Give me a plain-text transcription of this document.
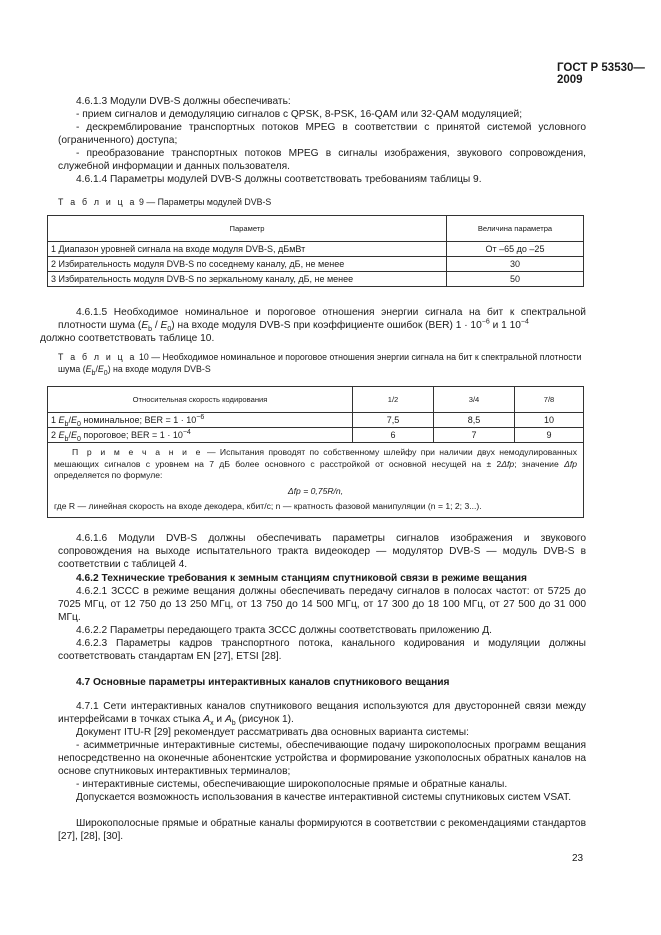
ГОСТ Р 53530—2009
4.6.1.3 Модули DVB-S должны обеспечивать:
- прием сигналов и демодуляцию сигналов с QPSK, 8-PSK, 16-QAM или 32-QAM модуляцией;
- дескремблирование транспортных потоков MPEG в соответствии с принятой системой условного (ограниченного) доступа;
- преобразование транспортных потоков MPEG в сигналы изображения, звукового сопровождения, служебной информации и данных пользователя.
4.6.1.4 Параметры модулей DVB-S должны соответствовать требованиям таблицы 9.
Т а б л и ц а 9 — Параметры модулей DVB-S
Параметр	Величина параметра
1 Диапазон уровней сигнала на входе модуля DVB-S, дБмВт	От –65 до –25
2 Избирательность модуля DVB-S по соседнему каналу, дБ, не менее	30
3 Избирательность модуля DVB-S по зеркальному каналу, дБ, не менее	50
4.6.1.5 Необходимое номинальное и пороговое отношения энергии сигнала на бит к спектральной плотности шума $(E_b / E_0)$ на входе модуля DVB-S при коэффициенте ошибок (BER) $1 \cdot 10^{-6}$ и 1 $10^{-4}$
должно соответствовать таблице 10.
Т а б л и ц а 10 — Необходимое номинальное и пороговое отношения энергии сигнала на бит к спектральной плотности шума $(E_b/E_0)$ на входе модуля DVB-S
Относительная скорость кодирования	1/2	3/4	7/8
1 $E_b/E_0$ номинальное; BER = $1 \cdot 10^{-6}$	7,5	8,5	10
2 $E_b/E_0$ пороговое; BER = $1 \cdot 10^{-4}$	6	7	9

П р и м е ч а н и е — Испытания проводят по собственному шлейфу при наличии двух немодулированных мешающих сигналов с уровнем на 7 дБ более основного с расстройкой от основной несущей на ± 2Δfp; значение Δfp определяется по формуле:
Δfp = 0,75R/n,
где R — линейная скорость на входе декодера, кбит/с; n — кратность фазовой манипуляции (n = 1; 2; 3...).			
4.6.1.6 Модули DVB-S должны обеспечивать параметры сигналов изображения и звукового сопровождения на выходе испытательного тракта видеокодер — модулятор DVB-S — модуль DVB-S в соответствии с таблицей 4.
4.6.2 Технические требования к земным станциям спутниковой связи в режиме вещания
4.6.2.1 ЗССС в режиме вещания должны обеспечивать передачу сигналов в полосах частот: от 5725 до 7025 МГц, от 12 750 до 13 250 МГц, от 13 750 до 14 500 МГц, от 17 300 до 18 100 МГц, от 27 500 до 31 000 МГц.
4.6.2.2 Параметры передающего тракта ЗССС должны соответствовать приложению Д.
4.6.2.3 Параметры кадров транспортного потока, канального кодирования и модуляции должны соответствовать стандартам EN [27], ETSI [28].
4.7 Основные параметры интерактивных каналов спутникового вещания
4.7.1 Сети интерактивных каналов спутникового вещания используются для двусторонней связи между интерфейсами в точках стыка $A_x$ и $A_b$ (рисунок 1).
Документ ITU-R [29] рекомендует рассматривать два основных варианта системы:
- асимметричные интерактивные системы, обеспечивающие подачу широкополосных программ вещания непосредственно на оконечные абонентские устройства и формирование узкополосных обратных каналов на основе спутниковых интерактивных терминалов;
- интерактивные системы, обеспечивающие широкополосные прямые и обратные каналы.
Допускается возможность использования в качестве интерактивной системы спутниковых систем VSAT.
Широкополосные прямые и обратные каналы формируются в соответствии с рекомендациями стандартов [27], [28], [30].
23
